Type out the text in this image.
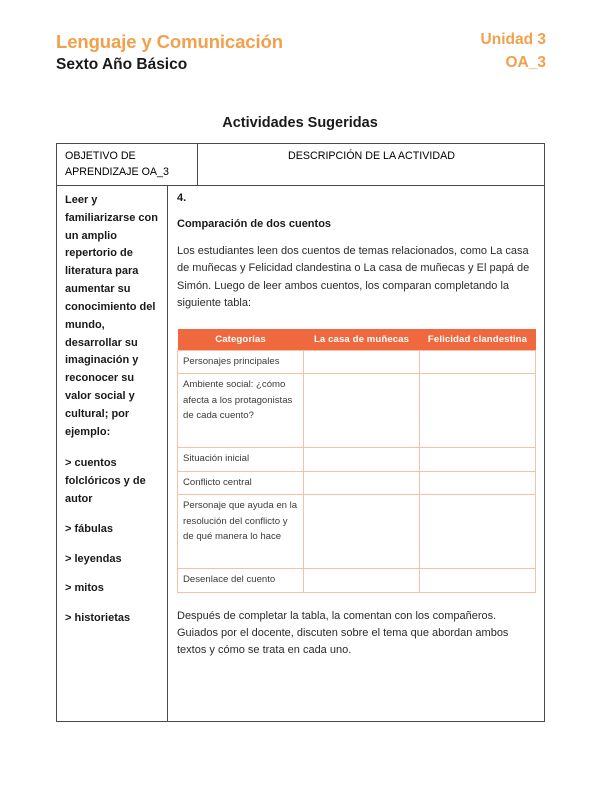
Lenguaje y Comunicación
Sexto Año Básico
Unidad 3
OA_3
Actividades Sugeridas
OBJETIVO DE APRENDIZAJE OA_3
DESCRIPCIÓN DE LA ACTIVIDAD
Leer y familiarizarse con un amplio repertorio de literatura para aumentar su conocimiento del mundo, desarrollar su imaginación y reconocer su valor social y cultural; por ejemplo:
> cuentos folclóricos y de autor
> fábulas
> leyendas
> mitos
> historietas
4.
Comparación de dos cuentos
Los estudiantes leen dos cuentos de temas relacionados, como La casa de muñecas y Felicidad clandestina o La casa de muñecas y El papá de Simón. Luego de leer ambos cuentos, los comparan completando la siguiente tabla:
Categorías	La casa de muñecas	Felicidad clandestina
Personajes principales		
Ambiente social: ¿cómo afecta a los protagonistas de cada cuento?		
Situación inicial		
Conflicto central		
Personaje que ayuda en la resolución del conflicto y de qué manera lo hace		
Desenlace del cuento		
Después de completar la tabla, la comentan con los compañeros. Guiados por el docente, discuten sobre el tema que abordan ambos textos y cómo se trata en cada uno.
